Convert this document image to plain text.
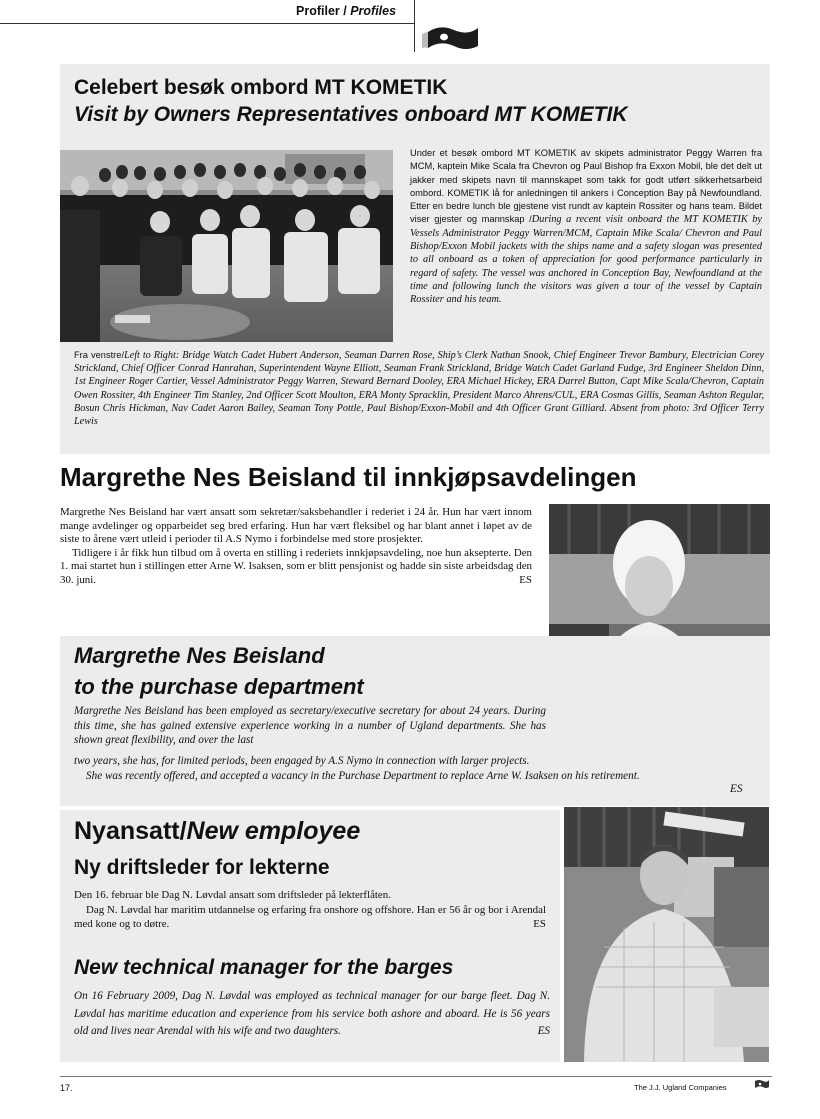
Profiler / Profiles
Celebert besøk ombord MT KOMETIK
Visit by Owners Representatives onboard MT KOMETIK
Under et besøk ombord MT KOMETIK av skipets administrator Peggy Warren fra MCM, kaptein Mike Scala fra Chevron og Paul Bishop fra Exxon Mobil, ble det delt ut jakker med skipets navn til mannskapet som takk for godt utført sikkerhetsarbeid ombord. KOMETIK lå for anledningen til ankers i Conception Bay på Newfoundland. Etter en bedre lunch ble gjestene vist rundt av kaptein Rossiter og hans team. Bildet viser gjester og mannskap /During a recent visit onboard the MT KOMETIK by Vessels Administrator Peggy Warren/MCM, Captain Mike Scala/ Chevron and Paul Bishop/Exxon Mobil jackets with the ships name and a safety slogan was presented to all onboard as a token of appreciation for good performance particularly in regard of safety. The vessel was anchored in Conception Bay, Newfoundland at the time and following lunch the visitors was given a tour of the vessel by Captain Rossiter and his team.
Fra venstre/Left to Right: Bridge Watch Cadet Hubert Anderson, Seaman Darren Rose, Ship’s Clerk Nathan Snook, Chief Engineer Trevor Bambury, Electrician Corey Strickland, Chief Officer Conrad Hanrahan, Superintendent Wayne Elliott, Seaman Frank Strickland, Bridge Watch Cadet Garland Fudge, 3rd Engineer Sheldon Dinn, 1st Engineer Roger Cartier, Vessel Administrator Peggy Warren, Steward Bernard Dooley, ERA Michael Hickey, ERA Darrel Button, Capt Mike Scala/Chevron, Captain Owen Rossiter, 4th Engineer Tim Stanley, 2nd Officer Scott Moulton, ERA Monty Spracklin, President Marco Ahrens/CUL, ERA Cosmas Gillis, Seaman Ashton Regular, Bosun Chris Hickman, Nav Cadet Aaron Bailey, Seaman Tony Pottle, Paul Bishop/Exxon-Mobil and 4th Officer Grant Gilliard. Absent from photo: 3rd Officer Terry Lewis
Margrethe Nes Beisland til innkjøpsavdelingen

Margrethe Nes Beisland har vært ansatt som sekretær/saksbehandler i rederiet i 24 år. Hun har vært innom mange avdelinger og opparbeidet seg bred erfaring. Hun har vært fleksibel og har blant annet i løpet av de siste to årene vært utleid i perioder til A.S Nymo i forbindelse med store prosjekter.

Tidligere i år fikk hun tilbud om å overta en stilling i rederiets innkjøpsavdeling, noe hun aksepterte. Den 1. mai startet hun i stillingen etter Arne W. Isaksen, som er blitt pensjonist og hadde sin siste arbeidsdag den 30. juni.	ES

Margrethe Nes Beisland
to the purchase department
Margrethe Nes Beisland has been employed as secretary/executive secretary for about 24 years. During this time, she has gained extensive experience working in a number of Ugland departments. She has shown great flexibility, and over the last

two years, she has, for limited periods, been engaged by A.S Nymo in connection with larger projects.

She was recently offered, and accepted a vacancy in the Purchase Department to replace Arne W. Isaksen on his retirement.

ES
Nyansatt/New employee
Ny driftsleder for lekterne

Den 16. februar ble Dag N. Løvdal ansatt som driftsleder på lekterflåten.

Dag N. Løvdal har maritim utdannelse og erfaring fra onshore og offshore. Han er 56 år og bor i Arendal med kone og to døtre.	ES

New technical manager for the barges
On 16 February 2009, Dag N. Løvdal was employed as technical manager for our barge fleet. Dag N. Løvdal has maritime education and experience from his service both ashore and aboard. He is 56 years old and lives near Arendal with his wife and two daughters.	ES
17.	The J.J. Ugland Companies
